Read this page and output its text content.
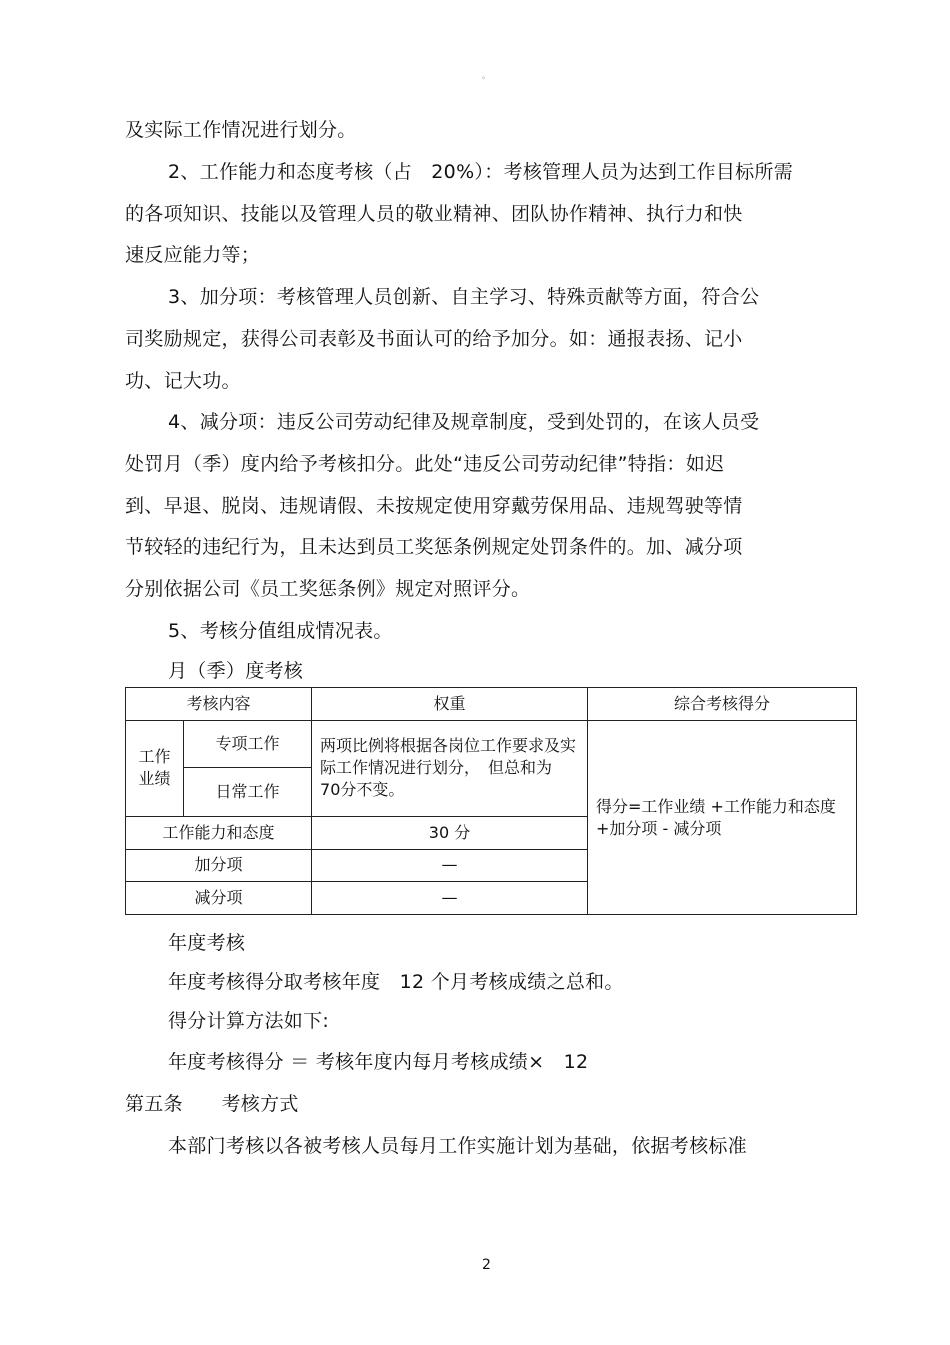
。
及实际工作情况进行划分。
2、工作能力和态度考核（占　20%）：考核管理人员为达到工作目标所需
的各项知识、技能以及管理人员的敬业精神、团队协作精神、执行力和快
速反应能力等；
3、加分项：考核管理人员创新、自主学习、特殊贡献等方面，符合公
司奖励规定，获得公司表彰及书面认可的给予加分。如：通报表扬、记小
功、记大功。
4、减分项：违反公司劳动纪律及规章制度，受到处罚的，在该人员受
处罚月（季）度内给予考核扣分。此处“违反公司劳动纪律”特指：如迟
到、早退、脱岗、违规请假、未按规定使用穿戴劳保用品、违规驾驶等情
节较轻的违纪行为，且未达到员工奖惩条例规定处罚条件的。加、减分项
分别依据公司《员工奖惩条例》规定对照评分。
5、考核分值组成情况表。
月（季）度考核
考核内容		权重	综合考核得分
工作业绩	专项工作	两项比例将根据各岗位工作要求及实际工作情况进行划分，　但总和为　70分不变。	得分=工作业绩 +工作能力和态度+加分项 - 减分项
	日常工作		
工作能力和态度		30 分	
加分项		—	
减分项		—	
年度考核
年度考核得分取考核年度　12 个月考核成绩之总和。
得分计算方法如下:
年度考核得分 ＝ 考核年度内每月考核成绩×　12
第五条　　考核方式
本部门考核以各被考核人员每月工作实施计划为基础，依据考核标准
2
